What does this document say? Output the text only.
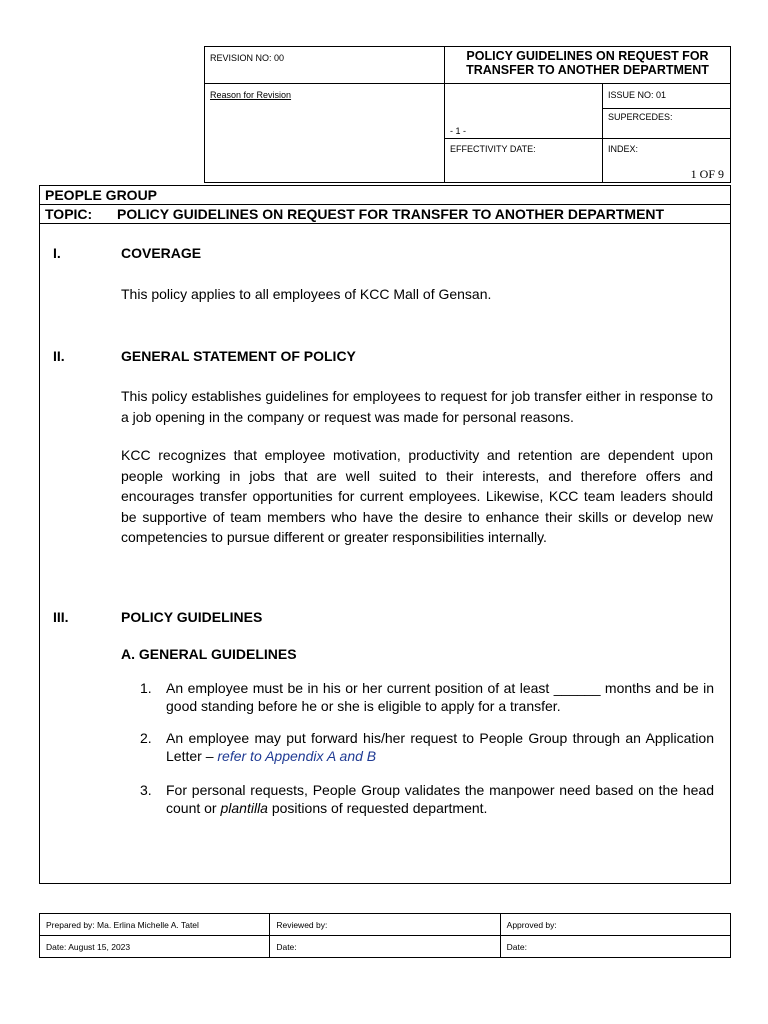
REVISION NO: 00	POLICY GUIDELINES ON REQUEST FOR
TRANSFER TO ANOTHER DEPARTMENT	

Reason for Revision	- 1 -	ISSUE NO: 01
		SUPERCEDES:
	EFFECTIVITY DATE:	INDEX:
1 OF 9
PEOPLE GROUP
TOPIC: POLICY GUIDELINES ON REQUEST FOR TRANSFER TO ANOTHER DEPARTMENT
I.	COVERAGE
This policy applies to all employees of KCC Mall of Gensan.
II.	GENERAL STATEMENT OF POLICY
This policy establishes guidelines for employees to request for job transfer either in response to a job opening in the company or request was made for personal reasons.
KCC recognizes that employee motivation, productivity and retention are dependent upon people working in jobs that are well suited to their interests, and therefore offers and encourages transfer opportunities for current employees. Likewise, KCC team leaders should be supportive of team members who have the desire to enhance their skills or develop new competencies to pursue different or greater responsibilities internally.
III.	POLICY GUIDELINES
A. GENERAL GUIDELINES
1. An employee must be in his or her current position of at least ______ months and be in good standing before he or she is eligible to apply for a transfer.
2. An employee may put forward his/her request to People Group through an Application Letter – refer to Appendix A and B
3. For personal requests, People Group validates the manpower need based on the head count or plantilla positions of requested department.
Prepared by: Ma. Erlina Michelle A. Tatel	Reviewed by:	Approved by:
Date: August 15, 2023	Date:	Date:
